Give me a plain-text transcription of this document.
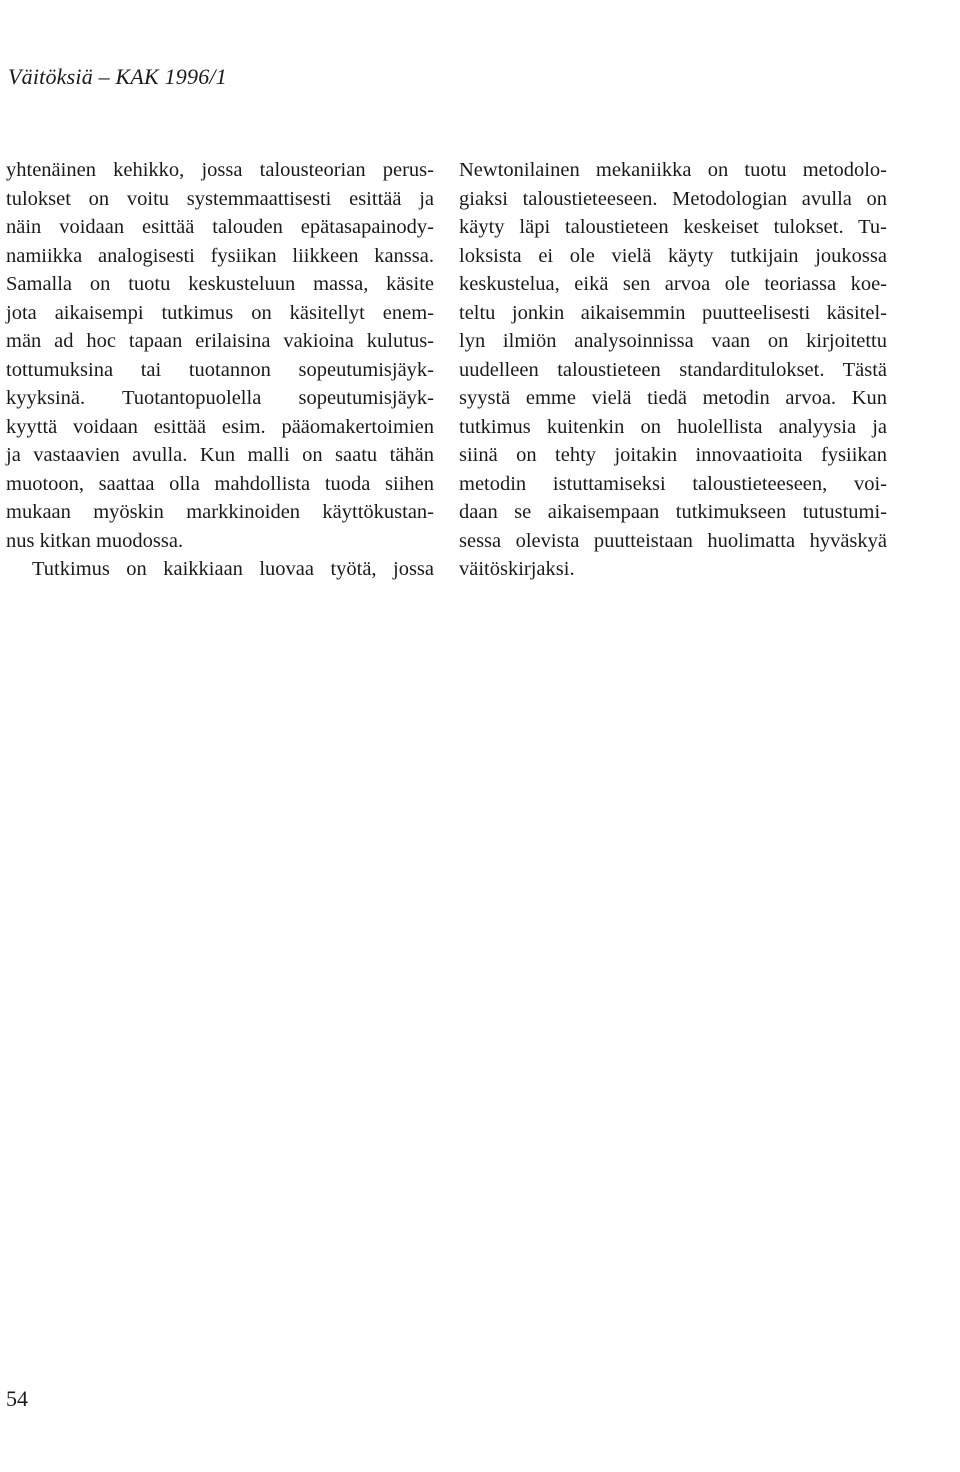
Väitöksiä – KAK 1996/1
yhtenäinen kehikko, jossa talousteorian perus-
tulokset on voitu systemmaattisesti esittää ja
näin voidaan esittää talouden epätasapainody-
namiikka analogisesti fysiikan liikkeen kanssa.
Samalla on tuotu keskusteluun massa, käsite
jota aikaisempi tutkimus on käsitellyt enem-
män ad hoc tapaan erilaisina vakioina kulutus-
tottumuksina tai tuotannon sopeutumisjäyk-
kyyksinä. Tuotantopuolella sopeutumisjäyk-
kyyttä voidaan esittää esim. pääomakertoimien
ja vastaavien avulla. Kun malli on saatu tähän
muotoon, saattaa olla mahdollista tuoda siihen
mukaan myöskin markkinoiden käyttökustan-
nus kitkan muodossa.
Tutkimus on kaikkiaan luovaa työtä, jossa
Newtonilainen mekaniikka on tuotu metodolo-
giaksi taloustieteeseen. Metodologian avulla on
käyty läpi taloustieteen keskeiset tulokset. Tu-
loksista ei ole vielä käyty tutkijain joukossa
keskustelua, eikä sen arvoa ole teoriassa koe-
teltu jonkin aikaisemmin puutteelisesti käsitel-
lyn ilmiön analysoinnissa vaan on kirjoitettu
uudelleen taloustieteen standarditulokset. Tästä
syystä emme vielä tiedä metodin arvoa. Kun
tutkimus kuitenkin on huolellista analyysia ja
siinä on tehty joitakin innovaatioita fysiikan
metodin istuttamiseksi taloustieteeseen, voi-
daan se aikaisempaan tutkimukseen tutustumi-
sessa olevista puutteistaan huolimatta hyväskyä
väitöskirjaksi.
54
